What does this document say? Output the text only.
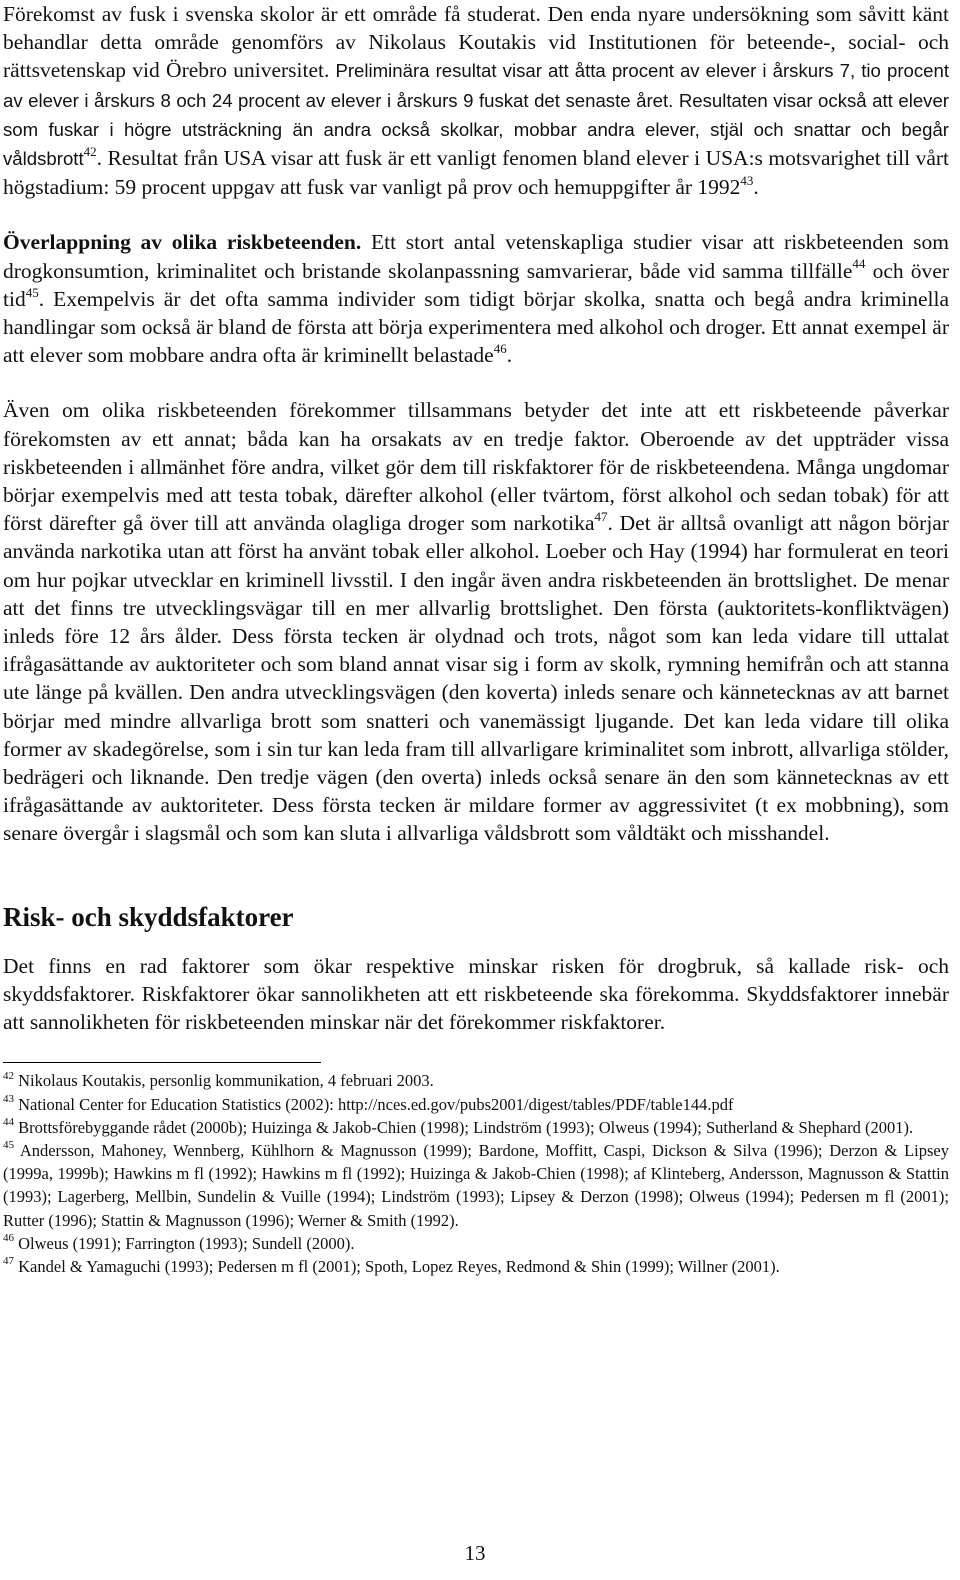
Förekomst av fusk i svenska skolor är ett område få studerat. Den enda nyare undersökning som såvitt känt behandlar detta område genomförs av Nikolaus Koutakis vid Institutionen för beteende-, social- och rättsvetenskap vid Örebro universitet. Preliminära resultat visar att åtta procent av elever i årskurs 7, tio procent av elever i årskurs 8 och 24 procent av elever i årskurs 9 fuskat det senaste året. Resultaten visar också att elever som fuskar i högre utsträckning än andra också skolkar, mobbar andra elever, stjäl och snattar och begår våldsbrott$^{42}$. Resultat från USA visar att fusk är ett vanligt fenomen bland elever i USA:s motsvarighet till vårt högstadium: 59 procent uppgav att fusk var vanligt på prov och hemuppgifter år 1992$^{43}$.

Överlappning av olika riskbeteenden. Ett stort antal vetenskapliga studier visar att riskbeteenden som drogkonsumtion, kriminalitet och bristande skolanpassning samvarierar, både vid samma tillfälle$^{44}$ och över tid$^{45}$. Exempelvis är det ofta samma individer som tidigt börjar skolka, snatta och begå andra kriminella handlingar som också är bland de första att börja experimentera med alkohol och droger. Ett annat exempel är att elever som mobbare andra ofta är kriminellt belastade$^{46}$.

Även om olika riskbeteenden förekommer tillsammans betyder det inte att ett riskbeteende påverkar förekomsten av ett annat; båda kan ha orsakats av en tredje faktor. Oberoende av det uppträder vissa riskbeteenden i allmänhet före andra, vilket gör dem till riskfaktorer för de riskbeteendena. Många ungdomar börjar exempelvis med att testa tobak, därefter alkohol (eller tvärtom, först alkohol och sedan tobak) för att först därefter gå över till att använda olagliga droger som narkotika$^{47}$. Det är alltså ovanligt att någon börjar använda narkotika utan att först ha använt tobak eller alkohol. Loeber och Hay (1994) har formulerat en teori om hur pojkar utvecklar en kriminell livsstil. I den ingår även andra riskbeteenden än brottslighet. De menar att det finns tre utvecklingsvägar till en mer allvarlig brottslighet. Den första (auktoritets-konfliktvägen) inleds före 12 års ålder. Dess första tecken är olydnad och trots, något som kan leda vidare till uttalat ifrågasättande av auktoriteter och som bland annat visar sig i form av skolk, rymning hemifrån och att stanna ute länge på kvällen. Den andra utvecklingsvägen (den koverta) inleds senare och kännetecknas av att barnet börjar med mindre allvarliga brott som snatteri och vanemässigt ljugande. Det kan leda vidare till olika former av skadegörelse, som i sin tur kan leda fram till allvarligare kriminalitet som inbrott, allvarliga stölder, bedrägeri och liknande. Den tredje vägen (den overta) inleds också senare än den som kännetecknas av ett ifrågasättande av auktoriteter. Dess första tecken är mildare former av aggressivitet (t ex mobbning), som senare övergår i slagsmål och som kan sluta i allvarliga våldsbrott som våldtäkt och misshandel.

Risk- och skyddsfaktorer

Det finns en rad faktorer som ökar respektive minskar risken för drogbruk, så kallade risk- och skyddsfaktorer. Riskfaktorer ökar sannolikheten att ett riskbeteende ska förekomma. Skyddsfaktorer innebär att sannolikheten för riskbeteenden minskar när det förekommer riskfaktorer.

$^{42}$ Nikolaus Koutakis, personlig kommunikation, 4 februari 2003.

$^{43}$ National Center for Education Statistics (2002): http://nces.ed.gov/pubs2001/digest/tables/PDF/table144.pdf

$^{44}$ Brottsförebyggande rådet (2000b); Huizinga & Jakob-Chien (1998); Lindström (1993); Olweus (1994); Sutherland & Shephard (2001).

$^{45}$ Andersson, Mahoney, Wennberg, Kühlhorn & Magnusson (1999); Bardone, Moffitt, Caspi, Dickson & Silva (1996); Derzon & Lipsey (1999a, 1999b); Hawkins m fl (1992); Hawkins m fl (1992); Huizinga & Jakob-Chien (1998); af Klinteberg, Andersson, Magnusson & Stattin (1993); Lagerberg, Mellbin, Sundelin & Vuille (1994); Lindström (1993); Lipsey & Derzon (1998); Olweus (1994); Pedersen m fl (2001); Rutter (1996); Stattin & Magnusson (1996); Werner & Smith (1992).

$^{46}$ Olweus (1991); Farrington (1993); Sundell (2000).

$^{47}$ Kandel & Yamaguchi (1993); Pedersen m fl (2001); Spoth, Lopez Reyes, Redmond & Shin (1999); Willner (2001).

13
